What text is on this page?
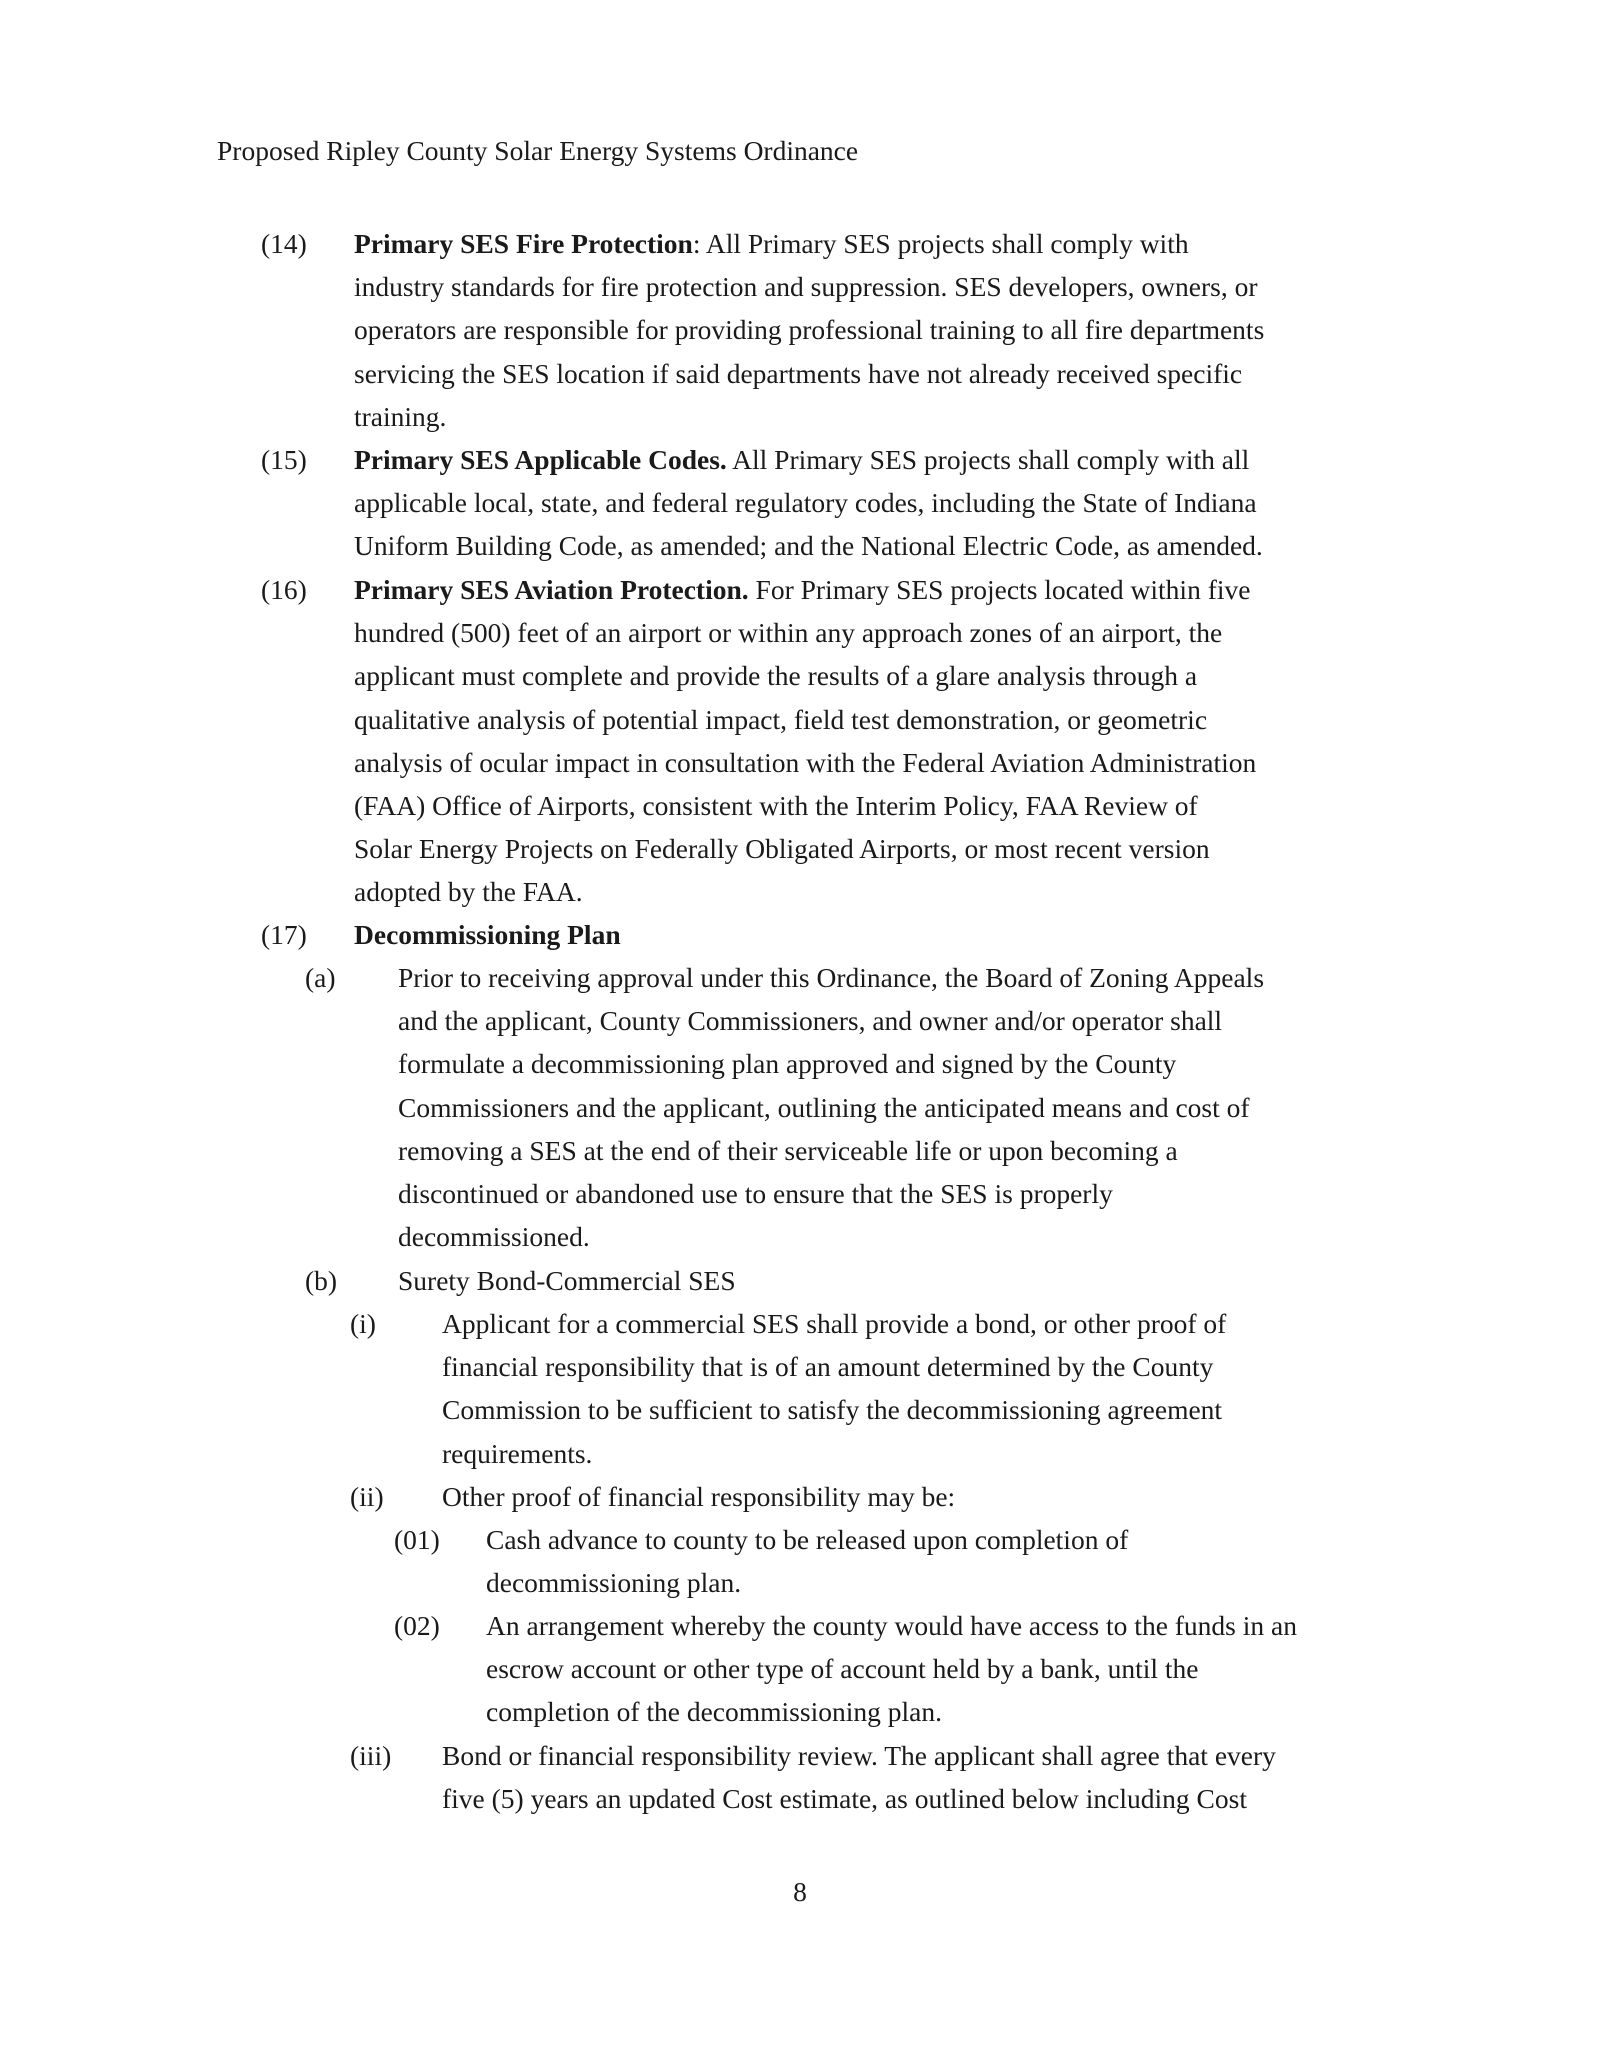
Proposed Ripley County Solar Energy Systems Ordinance
(14) Primary SES Fire Protection: All Primary SES projects shall comply with
industry standards for fire protection and suppression. SES developers, owners, or
operators are responsible for providing professional training to all fire departments
servicing the SES location if said departments have not already received specific
training.
(15) Primary SES Applicable Codes. All Primary SES projects shall comply with all
applicable local, state, and federal regulatory codes, including the State of Indiana
Uniform Building Code, as amended; and the National Electric Code, as amended.
(16) Primary SES Aviation Protection. For Primary SES projects located within five
hundred (500) feet of an airport or within any approach zones of an airport, the
applicant must complete and provide the results of a glare analysis through a
qualitative analysis of potential impact, field test demonstration, or geometric
analysis of ocular impact in consultation with the Federal Aviation Administration
(FAA) Office of Airports, consistent with the Interim Policy, FAA Review of
Solar Energy Projects on Federally Obligated Airports, or most recent version
adopted by the FAA.
(17) Decommissioning Plan
(a) Prior to receiving approval under this Ordinance, the Board of Zoning Appeals
and the applicant, County Commissioners, and owner and/or operator shall
formulate a decommissioning plan approved and signed by the County
Commissioners and the applicant, outlining the anticipated means and cost of
removing a SES at the end of their serviceable life or upon becoming a
discontinued or abandoned use to ensure that the SES is properly
decommissioned.
(b) Surety Bond-Commercial SES
(i) Applicant for a commercial SES shall provide a bond, or other proof of
financial responsibility that is of an amount determined by the County
Commission to be sufficient to satisfy the decommissioning agreement
requirements.
(ii) Other proof of financial responsibility may be:
(01) Cash advance to county to be released upon completion of
decommissioning plan.
(02) An arrangement whereby the county would have access to the funds in an
escrow account or other type of account held by a bank, until the
completion of the decommissioning plan.
(iii) Bond or financial responsibility review. The applicant shall agree that every
five (5) years an updated Cost estimate, as outlined below including Cost
8
